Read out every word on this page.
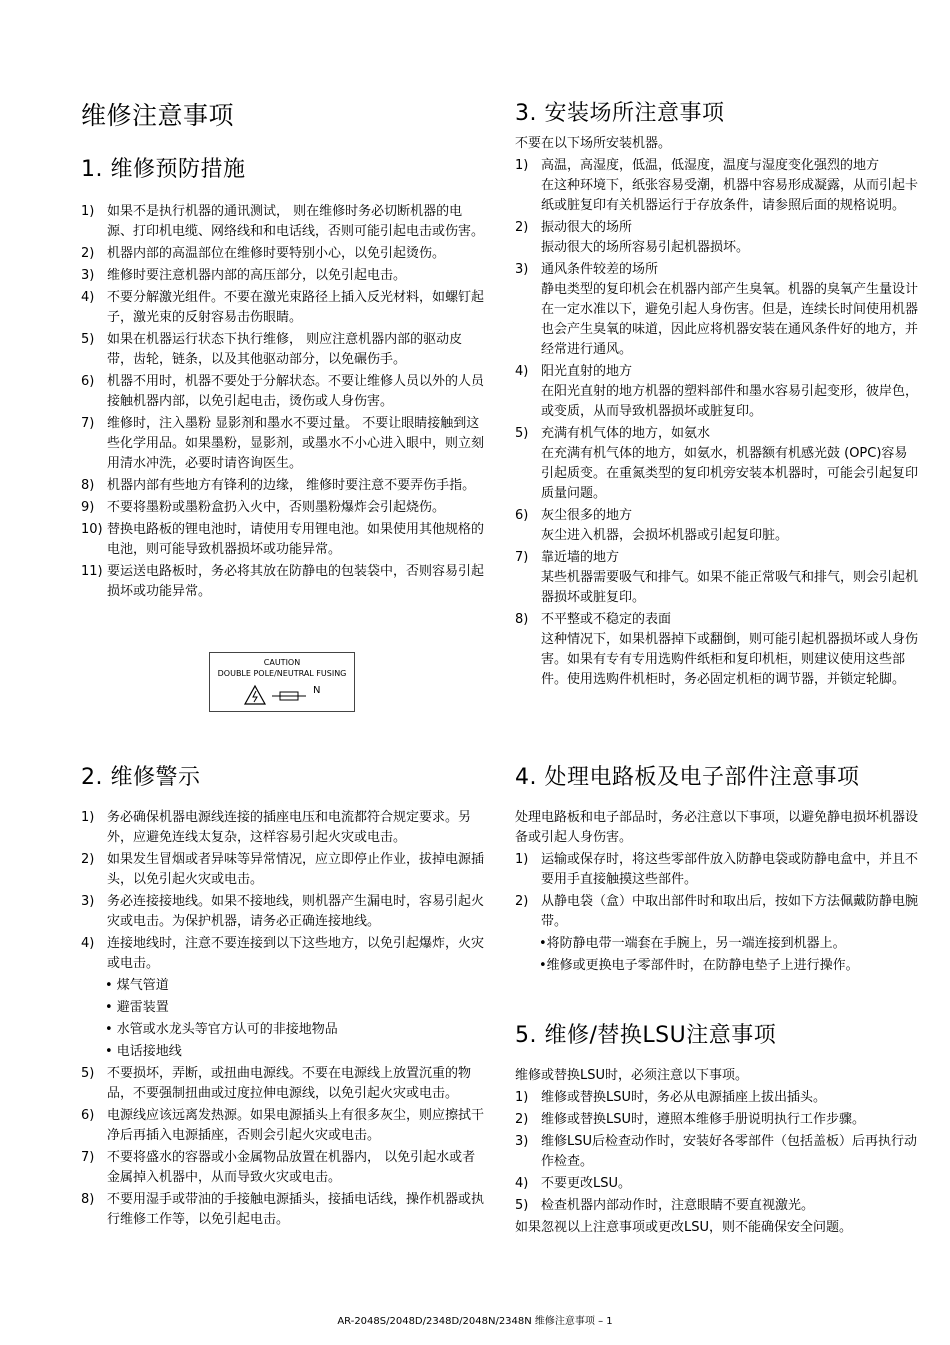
维修注意事项
1. 维修预防措施
1) 如果不是执行机器的通讯测试， 则在维修时务必切断机器的电源、打印机电缆、网络线和和电话线，否则可能引起电击或伤害。
2) 机器内部的高温部位在维修时要特别小心，以免引起烫伤。
3) 维修时要注意机器内部的高压部分，以免引起电击。
4) 不要分解激光组件。不要在激光束路径上插入反光材料，如螺钉起子，激光束的反射容易击伤眼睛。
5) 如果在机器运行状态下执行维修， 则应注意机器内部的驱动皮带，齿轮，链条，以及其他驱动部分，以免碾伤手。
6) 机器不用时，机器不要处于分解状态。不要让维修人员以外的人员接触机器内部，以免引起电击，烫伤或人身伤害。
7) 维修时，注入墨粉 显影剂和墨水不要过量。 不要让眼睛接触到这些化学用品。如果墨粉，显影剂，或墨水不小心进入眼中，则立刻用清水冲洗，必要时请咨询医生。
8) 机器内部有些地方有锋利的边缘， 维修时要注意不要弄伤手指。
9) 不要将墨粉或墨粉盒扔入火中，否则墨粉爆炸会引起烧伤。
10) 替换电路板的锂电池时，请使用专用锂电池。如果使用其他规格的电池，则可能导致机器损坏或功能异常。
11) 要运送电路板时，务必将其放在防静电的包装袋中，否则容易引起损坏或功能异常。
CAUTION
DOUBLE POLE/NEUTRAL FUSING
N
2. 维修警示
1) 务必确保机器电源线连接的插座电压和电流都符合规定要求。另外，应避免连线太复杂，这样容易引起火灾或电击。
2) 如果发生冒烟或者异味等异常情况，应立即停止作业，拔掉电源插头，以免引起火灾或电击。
3) 务必连接接地线。如果不接地线，则机器产生漏电时，容易引起火灾或电击。为保护机器，请务必正确连接地线。
4) 连接地线时，注意不要连接到以下这些地方，以免引起爆炸，火灾或电击。
• 煤气管道
• 避雷装置
• 水管或水龙头等官方认可的非接地物品
• 电话接地线
5) 不要损坏，弄断，或扭曲电源线。不要在电源线上放置沉重的物品，不要强制扭曲或过度拉伸电源线，以免引起火灾或电击。
6) 电源线应该远离发热源。如果电源插头上有很多灰尘，则应擦拭干净后再插入电源插座，否则会引起火灾或电击。
7) 不要将盛水的容器或小金属物品放置在机器内， 以免引起水或者金属掉入机器中，从而导致火灾或电击。
8) 不要用湿手或带油的手接触电源插头，接插电话线，操作机器或执行维修工作等，以免引起电击。
3. 安装场所注意事项

不要在以下场所安装机器。

1) 高温，高湿度，低温，低湿度，温度与湿度变化强烈的地方
在这种环境下，纸张容易受潮，机器中容易形成凝露，从而引起卡纸或脏复印有关机器运行于存放条件，请参照后面的规格说明。
2) 振动很大的场所
振动很大的场所容易引起机器损坏。
3) 通风条件较差的场所
静电类型的复印机会在机器内部产生臭氧。机器的臭氧产生量设计在一定水准以下，避免引起人身伤害。但是，连续长时间使用机器也会产生臭氧的味道，因此应将机器安装在通风条件好的地方，并经常进行通风。
4) 阳光直射的地方
在阳光直射的地方机器的塑料部件和墨水容易引起变形，彼岸色，或变质，从而导致机器损坏或脏复印。
5) 充满有机气体的地方，如氨水
在充满有机气体的地方，如氨水，机器额有机感光鼓 (OPC)容易引起质变。在重氮类型的复印机旁安装本机器时，可能会引起复印质量问题。
6) 灰尘很多的地方
灰尘进入机器，会损坏机器或引起复印脏。
7) 靠近墙的地方
某些机器需要吸气和排气。如果不能正常吸气和排气，则会引起机器损坏或脏复印。
8) 不平整或不稳定的表面
这种情况下，如果机器掉下或翻倒，则可能引起机器损坏或人身伤害。如果有专有专用选购件纸柜和复印机柜，则建议使用这些部件。使用选购件机柜时，务必固定机柜的调节器，并锁定轮脚。
4. 处理电路板及电子部件注意事项

处理电路板和电子部品时，务必注意以下事项，以避免静电损坏机器设备或引起人身伤害。

1) 运输或保存时，将这些零部件放入防静电袋或防静电盒中，并且不要用手直接触摸这些部件。
2) 从静电袋（盒）中取出部件时和取出后，按如下方法佩戴防静电腕带。
•将防静电带一端套在手腕上，另一端连接到机器上。
•维修或更换电子零部件时，在防静电垫子上进行操作。
5. 维修/替换LSU注意事项

维修或替换LSU时，必须注意以下事项。

1) 维修或替换LSU时，务必从电源插座上拔出插头。
2) 维修或替换LSU时，遵照本维修手册说明执行工作步骤。
3) 维修LSU后检查动作时，安装好各零部件（包括盖板）后再执行动作检查。
4) 不要更改LSU。
5) 检查机器内部动作时，注意眼睛不要直视激光。

如果忽视以上注意事项或更改LSU，则不能确保安全问题。

AR-2048S/2048D/2348D/2048N/2348N 维修注意事项 – 1
